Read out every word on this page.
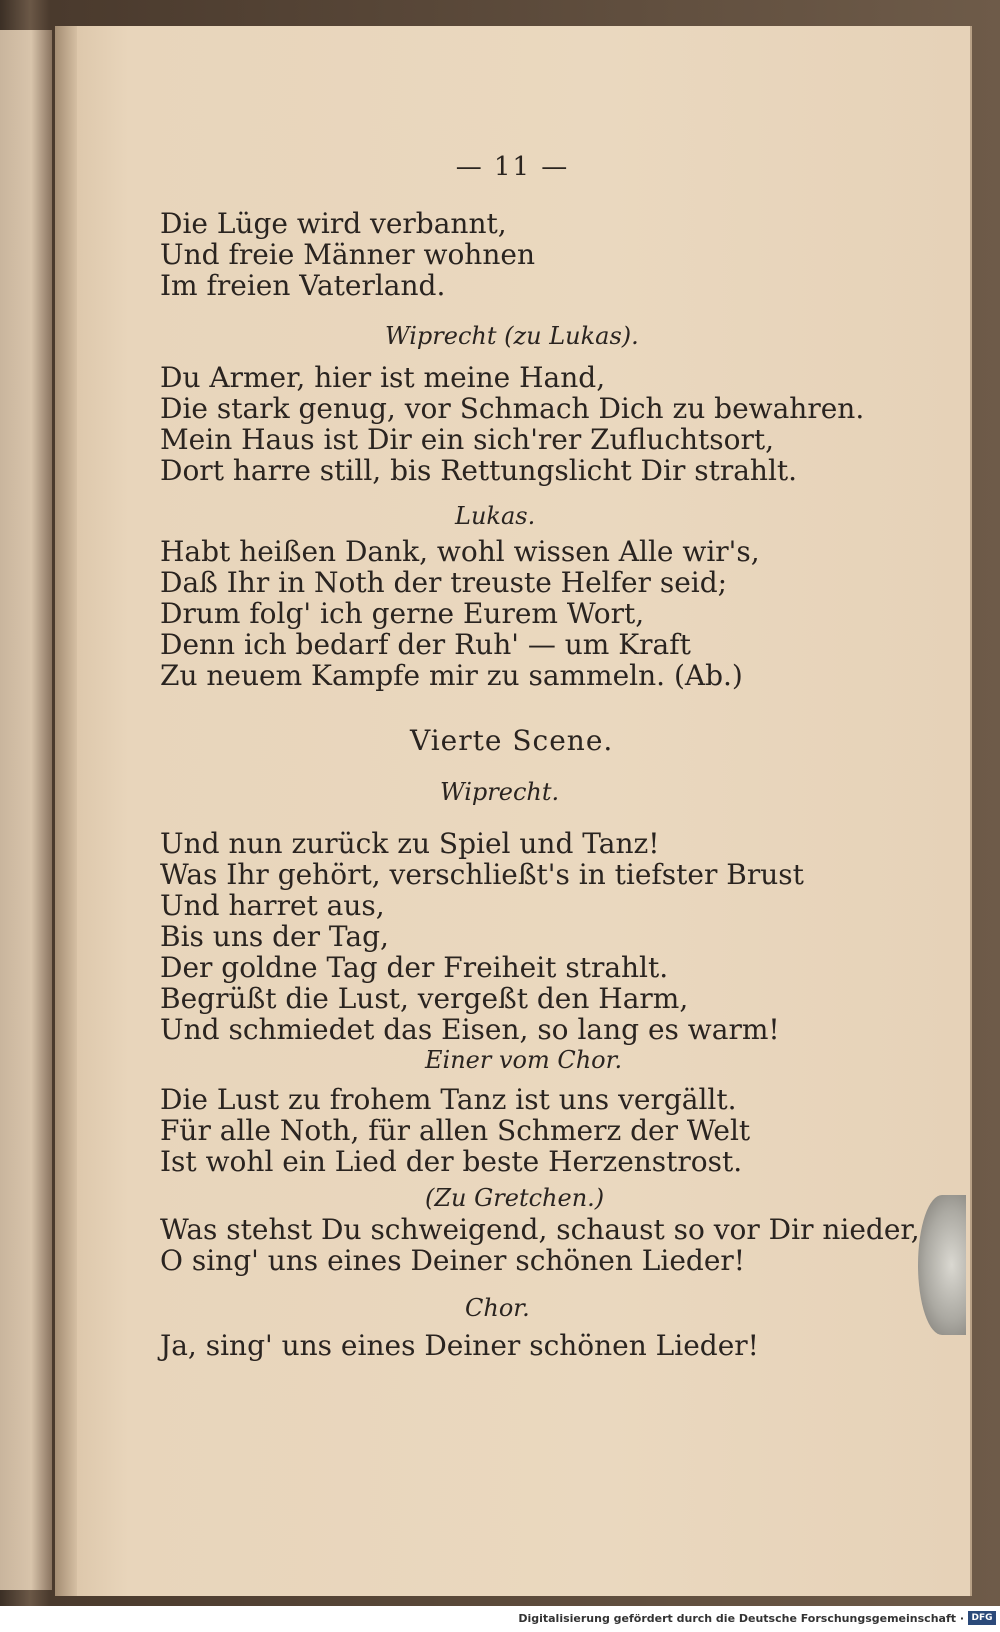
— 11 —
Die Lüge wird verbannt,
Und freie Männer wohnen
Im freien Vaterland.
Wiprecht (zu Lukas).
Du Armer, hier ist meine Hand,
Die stark genug, vor Schmach Dich zu bewahren.
Mein Haus ist Dir ein sich'rer Zufluchtsort,
Dort harre still, bis Rettungslicht Dir strahlt.
Lukas.
Habt heißen Dank, wohl wissen Alle wir's,
Daß Ihr in Noth der treuste Helfer seid;
Drum folg' ich gerne Eurem Wort,
Denn ich bedarf der Ruh' — um Kraft
Zu neuem Kampfe mir zu sammeln. (Ab.)
Vierte Scene.
Wiprecht.
Und nun zurück zu Spiel und Tanz!
Was Ihr gehört, verschließt's in tiefster Brust
Und harret aus,
Bis uns der Tag,
Der goldne Tag der Freiheit strahlt.
Begrüßt die Lust, vergeßt den Harm,
Und schmiedet das Eisen, so lang es warm!
Einer vom Chor.
Die Lust zu frohem Tanz ist uns vergällt.
Für alle Noth, für allen Schmerz der Welt
Ist wohl ein Lied der beste Herzenstrost.
(Zu Gretchen.)
Was stehst Du schweigend, schaust so vor Dir nieder,
O sing' uns eines Deiner schönen Lieder!
Chor.
Ja, sing' uns eines Deiner schönen Lieder!
Digitalisierung gefördert durch die Deutsche Forschungsgemeinschaft · DFG
